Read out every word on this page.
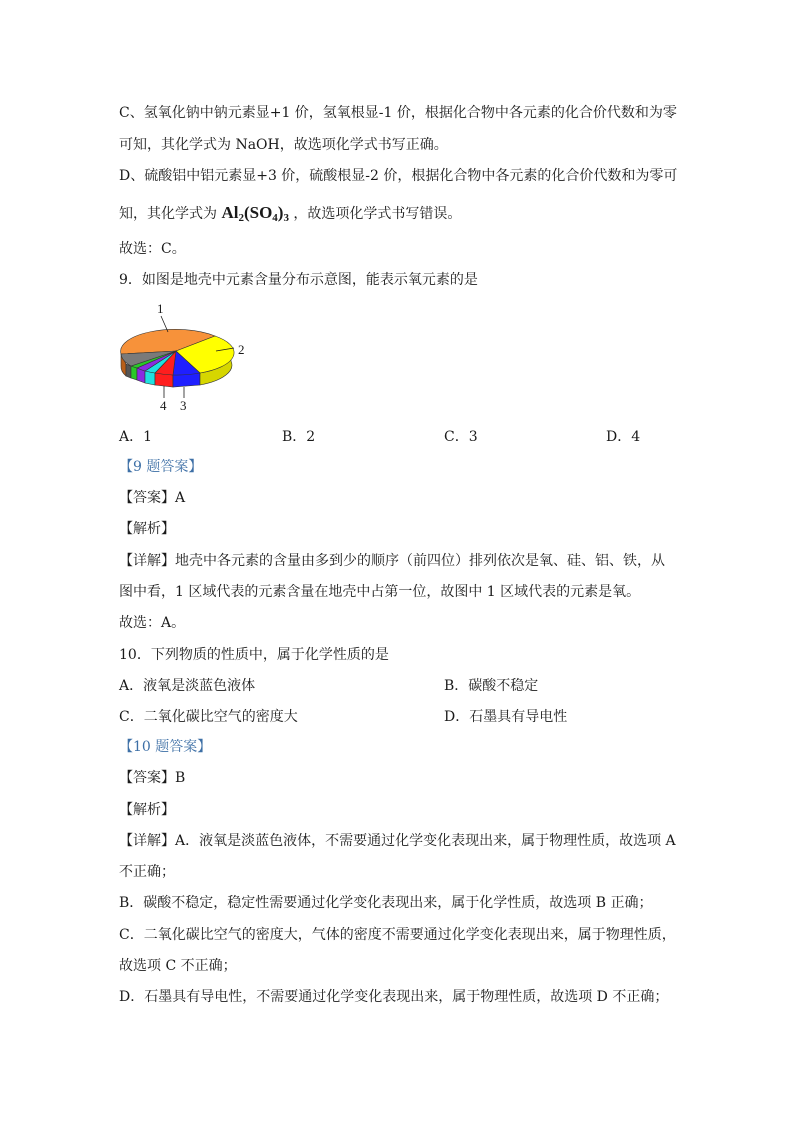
C、氢氧化钠中钠元素显+1 价，氢氧根显-1 价，根据化合物中各元素的化合价代数和为零
可知，其化学式为 NaOH，故选项化学式书写正确。
D、硫酸铝中铝元素显+3 价，硫酸根显-2 价，根据化合物中各元素的化合价代数和为零可
知，其化学式为 $Al_2(SO_4)_3$ ，故选项化学式书写错误。
故选：C。
9．如图是地壳中元素含量分布示意图，能表示氧元素的是
1
2
3
4
A．1	B．2	C．3	D．4
【9 题答案】
【答案】A
【解析】
【详解】地壳中各元素的含量由多到少的顺序（前四位）排列依次是氧、硅、铝、铁，从
图中看，1 区域代表的元素含量在地壳中占第一位，故图中 1 区域代表的元素是氧。
故选：A。
10．下列物质的性质中，属于化学性质的是
A．液氧是淡蓝色液体	B．碳酸不稳定
C．二氧化碳比空气的密度大	D．石墨具有导电性
【10 题答案】
【答案】B
【解析】
【详解】A．液氧是淡蓝色液体，不需要通过化学变化表现出来，属于物理性质，故选项 A
不正确；
B．碳酸不稳定，稳定性需要通过化学变化表现出来，属于化学性质，故选项 B 正确；
C．二氧化碳比空气的密度大，气体的密度不需要通过化学变化表现出来，属于物理性质，
故选项 C 不正确；
D．石墨具有导电性，不需要通过化学变化表现出来，属于物理性质，故选项 D 不正确；
